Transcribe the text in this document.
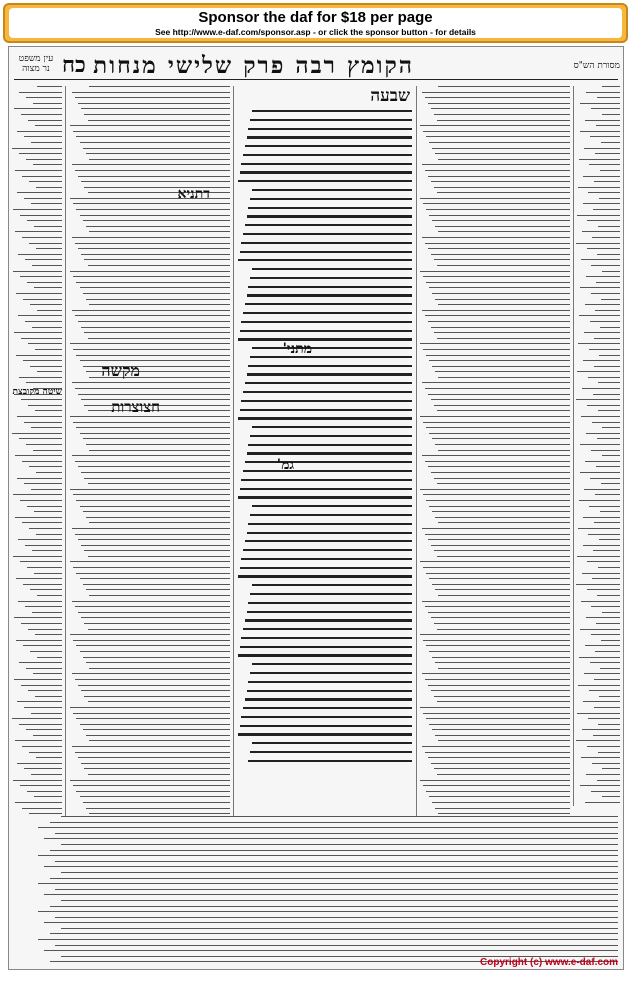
Sponsor the daf for $18 per page
See http://www.e-daf.com/sponsor.asp - or click the sponsor button - for details
מסורת הש"ס
הקומץ רבה פרק שלישי מנחות
כח
עין משפט נר מצוה
שבעה
מתני'
גמ'
דתניא
מקשה
חצוצרות
שיטה מקובצת
Copyright (c) www.e-daf.com
